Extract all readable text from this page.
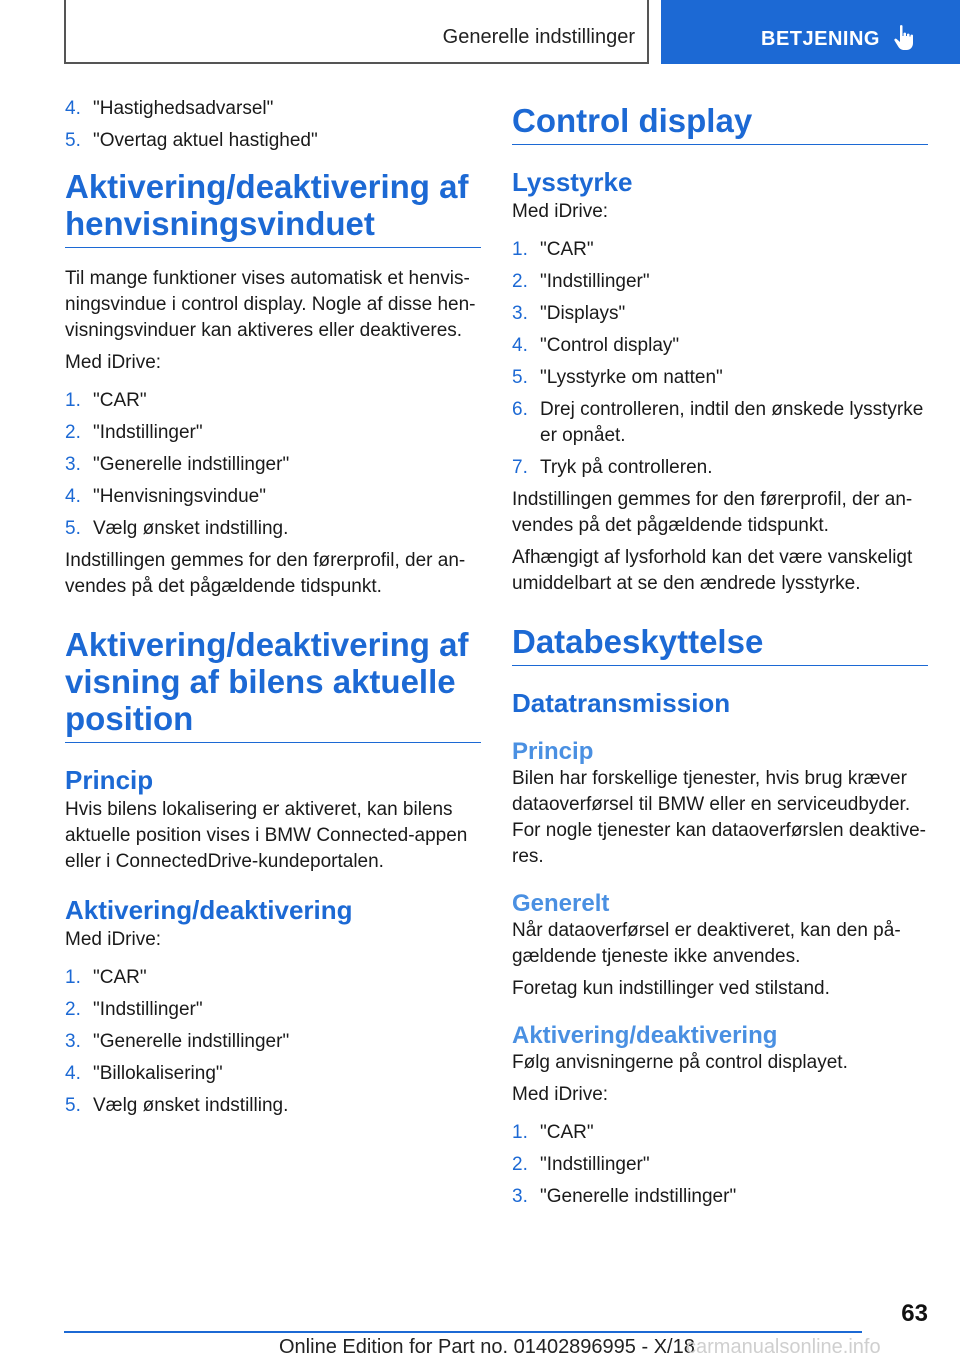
Generelle indstillinger	BETJENING
4. "Hastighedsadvarsel"
5. "Overtag aktuel hastighed"
Aktivering/deaktivering af henvisningsvinduet

Til mange funktioner vises automatisk et henvisningsvindue i control display. Nogle af disse henvisningsvinduer kan aktiveres eller deaktiveres.

Med iDrive:

1. "CAR"
2. "Indstillinger"
3. "Generelle indstillinger"
4. "Henvisningsvindue"
5. Vælg ønsket indstilling.

Indstillingen gemmes for den førerprofil, der anvendes på det pågældende tidspunkt.

Aktivering/deaktivering af visning af bilens aktuelle position
Princip

Hvis bilens lokalisering er aktiveret, kan bilens aktuelle position vises i BMW Connected-appen eller i ConnectedDrive-kundeportalen.

Aktivering/deaktivering

Med iDrive:

1. "CAR"
2. "Indstillinger"
3. "Generelle indstillinger"
4. "Billokalisering"
5. Vælg ønsket indstilling.
Control display
Lysstyrke

Med iDrive:

1. "CAR"
2. "Indstillinger"
3. "Displays"
4. "Control display"
5. "Lysstyrke om natten"
6. Drej controlleren, indtil den ønskede lysstyrke er opnået.
7. Tryk på controlleren.

Indstillingen gemmes for den førerprofil, der anvendes på det pågældende tidspunkt.

Afhængigt af lysforhold kan det være vanskeligt umiddelbart at se den ændrede lysstyrke.

Databeskyttelse
Datatransmission
Princip

Bilen har forskellige tjenester, hvis brug kræver dataoverførsel til BMW eller en serviceudbyder. For nogle tjenester kan dataoverførslen deaktiveres.

Generelt

Når dataoverførsel er deaktiveret, kan den pågældende tjeneste ikke anvendes.

Foretag kun indstillinger ved stilstand.

Aktivering/deaktivering

Følg anvisningerne på control displayet.

Med iDrive:

1. "CAR"
2. "Indstillinger"
3. "Generelle indstillinger"
63
Online Edition for Part no. 01402896995 - X/18
carmanualsonline.info
